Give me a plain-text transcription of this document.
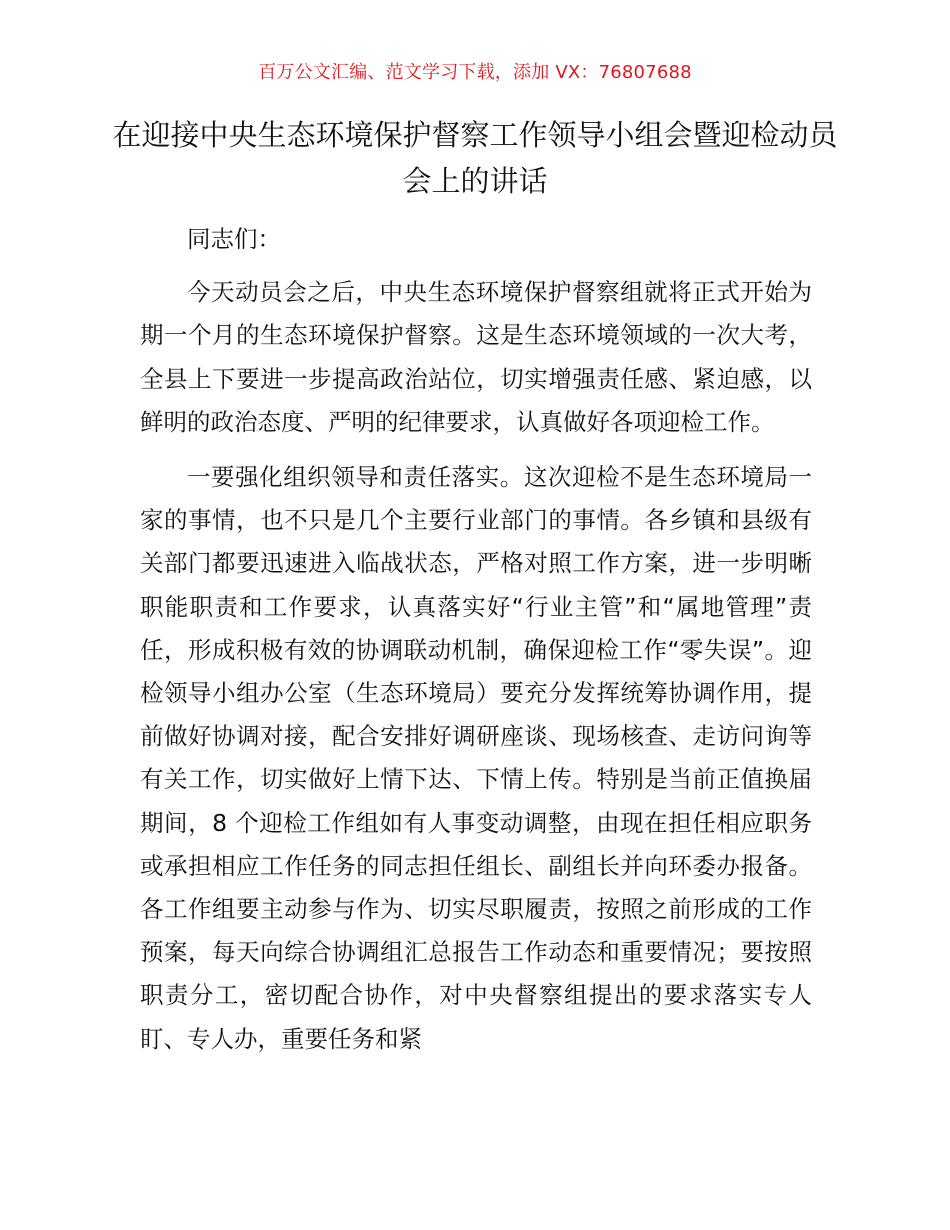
百万公文汇编、范文学习下载，添加 VX：76807688
在迎接中央生态环境保护督察工作领导小组会暨迎检动员会上的讲话

同志们：

今天动员会之后，中央生态环境保护督察组就将正式开始为期一个月的生态环境保护督察。这是生态环境领域的一次大考，全县上下要进一步提高政治站位，切实增强责任感、紧迫感，以鲜明的政治态度、严明的纪律要求，认真做好各项迎检工作。

一要强化组织领导和责任落实。这次迎检不是生态环境局一家的事情，也不只是几个主要行业部门的事情。各乡镇和县级有关部门都要迅速进入临战状态，严格对照工作方案，进一步明晰职能职责和工作要求，认真落实好“行业主管”和“属地管理”责任，形成积极有效的协调联动机制，确保迎检工作“零失误”。迎检领导小组办公室（生态环境局）要充分发挥统筹协调作用，提前做好协调对接，配合安排好调研座谈、现场核查、走访问询等有关工作，切实做好上情下达、下情上传。特别是当前正值换届期间，8 个迎检工作组如有人事变动调整，由现在担任相应职务或承担相应工作任务的同志担任组长、副组长并向环委办报备。各工作组要主动参与作为、切实尽职履责，按照之前形成的工作预案，每天向综合协调组汇总报告工作动态和重要情况；要按照职责分工，密切配合协作，对中央督察组提出的要求落实专人盯、专人办，重要任务和紧
